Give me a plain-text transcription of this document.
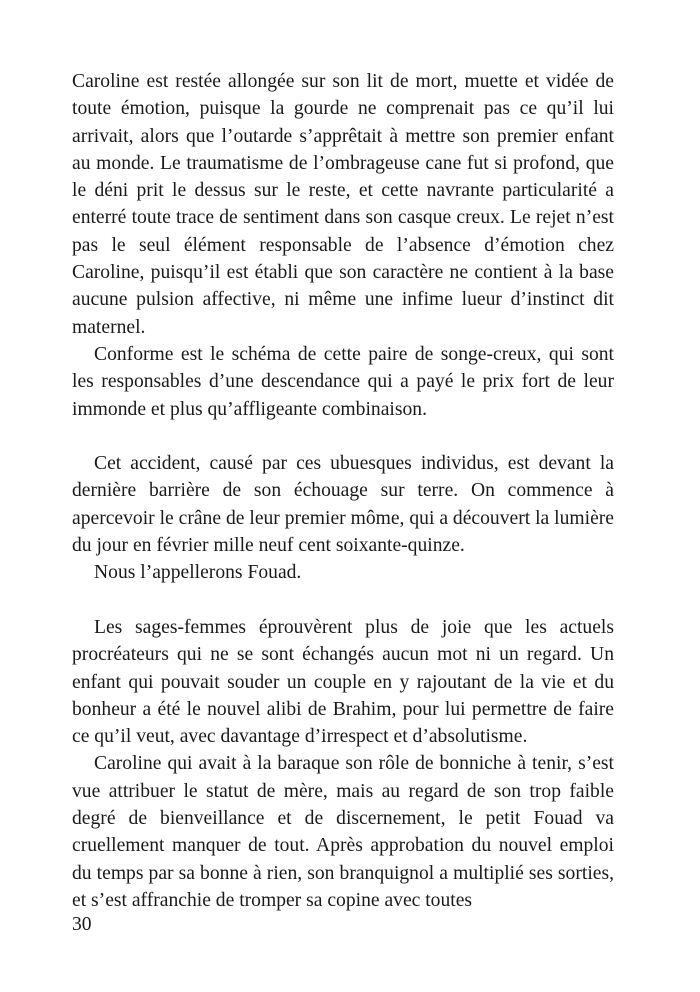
Caroline est restée allongée sur son lit de mort, muette et vidée de toute émotion, puisque la gourde ne comprenait pas ce qu’il lui arrivait, alors que l’outarde s’apprêtait à mettre son premier enfant au monde. Le traumatisme de l’ombrageuse cane fut si profond, que le déni prit le dessus sur le reste, et cette navrante particularité a enterré toute trace de sentiment dans son casque creux. Le rejet n’est pas le seul élément responsable de l’absence d’émotion chez Caroline, puisqu’il est établi que son caractère ne contient à la base aucune pulsion affective, ni même une infime lueur d’instinct dit maternel.

Conforme est le schéma de cette paire de songe-creux, qui sont les responsables d’une descendance qui a payé le prix fort de leur immonde et plus qu’affligeante combinaison.

Cet accident, causé par ces ubuesques individus, est devant la dernière barrière de son échouage sur terre. On commence à apercevoir le crâne de leur premier môme, qui a découvert la lumière du jour en février mille neuf cent soixante-quinze.

Nous l’appellerons Fouad.

Les sages-femmes éprouvèrent plus de joie que les actuels procréateurs qui ne se sont échangés aucun mot ni un regard. Un enfant qui pouvait souder un couple en y rajoutant de la vie et du bonheur a été le nouvel alibi de Brahim, pour lui permettre de faire ce qu’il veut, avec davantage d’irrespect et d’absolutisme.

Caroline qui avait à la baraque son rôle de bonniche à tenir, s’est vue attribuer le statut de mère, mais au regard de son trop faible degré de bienveillance et de discernement, le petit Fouad va cruellement manquer de tout. Après approbation du nouvel emploi du temps par sa bonne à rien, son branquignol a multiplié ses sorties, et s’est affranchie de tromper sa copine avec toutes

30
